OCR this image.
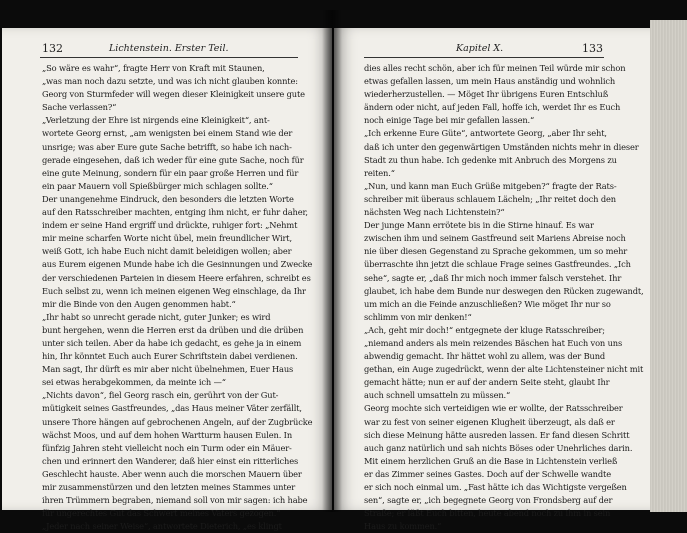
132	Lichtenstein. Erster Teil.
„So wäre es wahr“, fragte Herr von Kraft mit Staunen,
„was man noch dazu setzte, und was ich nicht glauben konnte:
Georg von Sturmfeder will wegen dieser Kleinigkeit unsere gute
Sache verlassen?“
„Verletzung der Ehre ist nirgends eine Kleinigkeit“, ant-
wortete Georg ernst, „am wenigsten bei einem Stand wie der
unsrige; was aber Eure gute Sache betrifft, so habe ich nach-
gerade eingesehen, daß ich weder für eine gute Sache, noch für
eine gute Meinung, sondern für ein paar große Herren und für
ein paar Mauern voll Spießbürger mich schlagen sollte.“
Der unangenehme Eindruck, den besonders die letzten Worte
auf den Ratsschreiber machten, entging ihm nicht, er fuhr daher,
indem er seine Hand ergriff und drückte, ruhiger fort: „Nehmt
mir meine scharfen Worte nicht übel, mein freundlicher Wirt,
weiß Gott, ich habe Euch nicht damit beleidigen wollen; aber
aus Eurem eigenen Munde habe ich die Gesinnungen und Zwecke
der verschiedenen Parteien in diesem Heere erfahren, schreibt es
Euch selbst zu, wenn ich meinen eigenen Weg einschlage, da Ihr
mir die Binde von den Augen genommen habt.“
„Ihr habt so unrecht gerade nicht, guter Junker; es wird
bunt hergehen, wenn die Herren erst da drüben und die drüben
unter sich teilen. Aber da habe ich gedacht, es gehe ja in einem
hin, Ihr könntet Euch auch Eurer Schriftstein dabei verdienen.
Man sagt, Ihr dürft es mir aber nicht übelnehmen, Euer Haus
sei etwas herabgekommen, da meinte ich —“
„Nichts davon“, fiel Georg rasch ein, gerührt von der Gut-
mütigkeit seines Gastfreundes, „das Haus meiner Väter zerfällt,
unsere Thore hängen auf gebrochenen Angeln, auf der Zugbrücke
wächst Moos, und auf dem hohen Wartturm hausen Eulen. In
fünfzig Jahren steht vielleicht noch ein Turm oder ein Mäuer-
chen und erinnert den Wanderer, daß hier einst ein ritterliches
Geschlecht hauste. Aber wenn auch die morschen Mauern über
mir zusammenstürzen und den letzten meines Stammes unter
ihren Trümmern begraben, niemand soll von mir sagen: ich habe
für ungerechtes Gut das Schwert meines Vaters gezogen.“
„Jeder nach seiner Weise“, antwortete Dieterich, „es klingt
Kapitel X.	133
dies alles recht schön, aber ich für meinen Teil würde mir schon
etwas gefallen lassen, um mein Haus anständig und wohnlich
wiederherzustellen. — Möget Ihr übrigens Euren Entschluß
ändern oder nicht, auf jeden Fall, hoffe ich, werdet Ihr es Euch
noch einige Tage bei mir gefallen lassen.“
„Ich erkenne Eure Güte“, antwortete Georg, „aber Ihr seht,
daß ich unter den gegenwärtigen Umständen nichts mehr in dieser
Stadt zu thun habe. Ich gedenke mit Anbruch des Morgens zu
reiten.“
„Nun, und kann man Euch Grüße mitgeben?“ fragte der Rats-
schreiber mit überaus schlauem Lächeln; „Ihr reitet doch den
nächsten Weg nach Lichtenstein?“
Der junge Mann errötete bis in die Stirne hinauf. Es war
zwischen ihm und seinem Gastfreund seit Mariens Abreise noch
nie über diesen Gegenstand zu Sprache gekommen, um so mehr
überraschte ihn jetzt die schlaue Frage seines Gastfreundes. „Ich
sehe“, sagte er, „daß Ihr mich noch immer falsch verstehet. Ihr
glaubet, ich habe dem Bunde nur deswegen den Rücken zugewandt,
um mich an die Feinde anzuschließen? Wie möget Ihr nur so
schlimm von mir denken!“
„Ach, geht mir doch!“ entgegnete der kluge Ratsschreiber;
„niemand anders als mein reizendes Bäschen hat Euch von uns
abwendig gemacht. Ihr hättet wohl zu allem, was der Bund
gethan, ein Auge zugedrückt, wenn der alte Lichtensteiner nicht mit
gemacht hätte; nun er auf der andern Seite steht, glaubt Ihr
auch schnell umsatteln zu müssen.“
Georg mochte sich verteidigen wie er wollte, der Ratsschreiber
war zu fest von seiner eigenen Klugheit überzeugt, als daß er
sich diese Meinung hätte ausreden lassen. Er fand diesen Schritt
auch ganz natürlich und sah nichts Böses oder Unehrliches darin.
Mit einem herzlichen Gruß an die Base in Lichtenstein verließ
er das Zimmer seines Gastes. Doch auf der Schwelle wandte
er sich noch einmal um. „Fast hätte ich das Wichtigste vergeßen
sen“, sagte er, „ich begegnete Georg von Frondsberg auf der
Straße; er läßt Euch bitten, heute abend noch zu ihm in sein
Haus zu kommen.“
